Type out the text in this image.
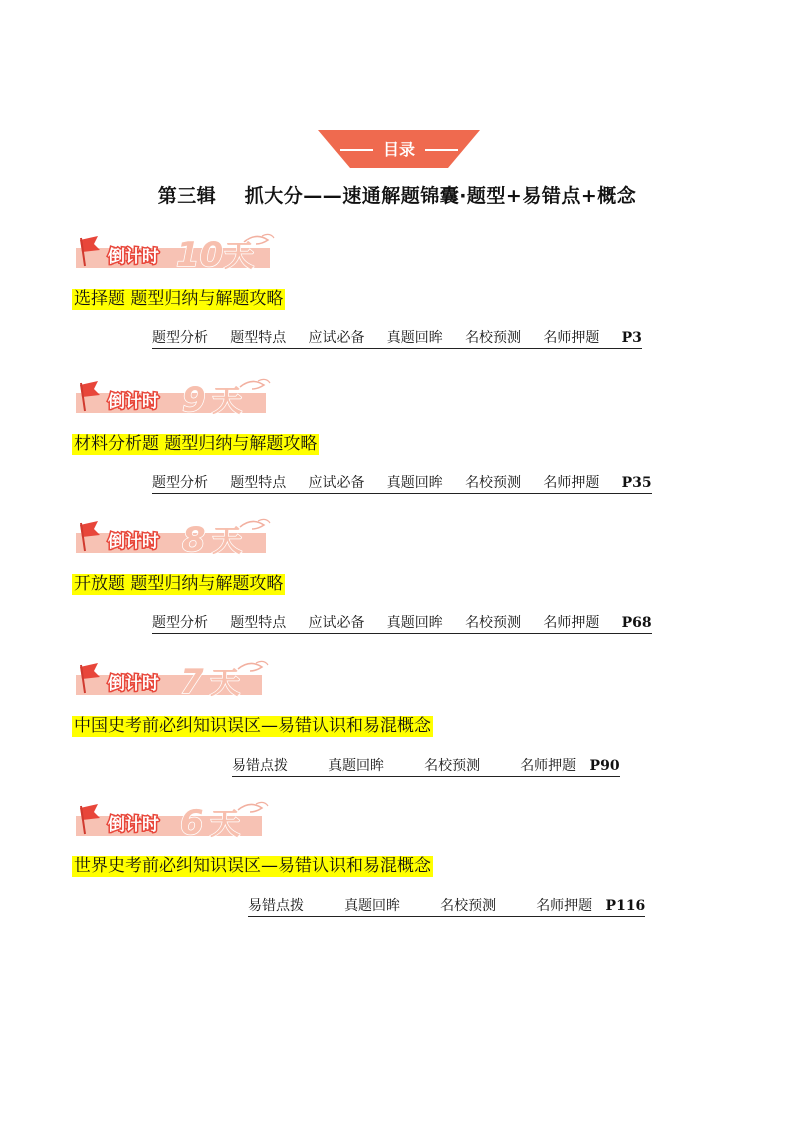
目录
第三辑    抓大分——速通解题锦囊·题型+易错点+概念
倒计时 10 天
选择题 题型归纳与解题攻略
题型分析 题型特点 应试必备 真题回眸 名校预测 名师押题 P3
倒计时 9 天
材料分析题 题型归纳与解题攻略
题型分析 题型特点 应试必备 真题回眸 名校预测 名师押题 P35
倒计时 8 天
开放题 题型归纳与解题攻略
题型分析 题型特点 应试必备 真题回眸 名校预测 名师押题 P68
倒计时 7 天
中国史考前必纠知识误区—易错认识和易混概念
易错点拨	真题回眸	名校预测	名师押题 P90
倒计时 6 天
世界史考前必纠知识误区—易错认识和易混概念
易错点拨	真题回眸	名校预测	名师押题 P116
